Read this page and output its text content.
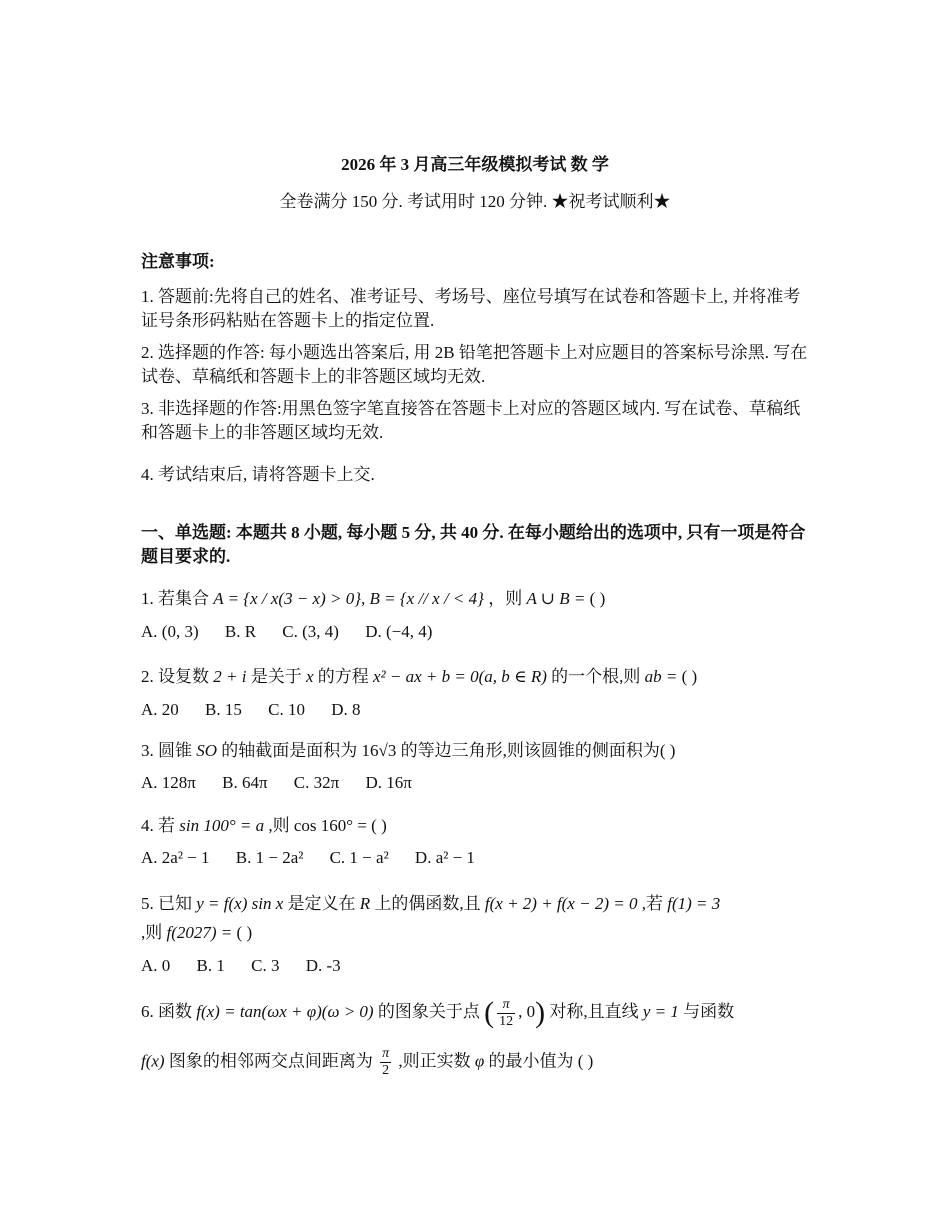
2026 年 3 月高三年级模拟考试 数 学
全卷满分 150 分. 考试用时 120 分钟. ★祝考试顺利★
注意事项:
1. 答题前:先将自己的姓名、准考证号、考场号、座位号填写在试卷和答题卡上, 并将准考证号条形码粘贴在答题卡上的指定位置.
2. 选择题的作答: 每小题选出答案后, 用 2B 铅笔把答题卡上对应题目的答案标号涂黑. 写在试卷、草稿纸和答题卡上的非答题区域均无效.
3. 非选择题的作答:用黑色签字笔直接答在答题卡上对应的答题区域内. 写在试卷、草稿纸和答题卡上的非答题区域均无效.
4. 考试结束后, 请将答题卡上交.
一、单选题: 本题共 8 小题, 每小题 5 分, 共 40 分. 在每小题给出的选项中, 只有一项是符合题目要求的.
1. 若集合 A = {x / x(3 − x) > 0}, B = {x // x / < 4} ，则 A ∪ B = ( )
A. (0, 3) B. R C. (3, 4) D. (−4, 4)
2. 设复数 2 + i 是关于 x 的方程 x² − ax + b = 0(a, b ∈ R) 的一个根,则 ab = ( )
A. 20 B. 15 C. 10 D. 8
3. 圆锥 SO 的轴截面是面积为 16√3 的等边三角形,则该圆锥的侧面积为( )
A. 128π B. 64π C. 32π D. 16π
4. 若 sin 100° = a ,则 cos 160° = ( )
A. 2a² − 1 B. 1 − 2a² C. 1 − a² D. a² − 1
5. 已知 y = f(x) sin x 是定义在 R 上的偶函数,且 f(x + 2) + f(x − 2) = 0 ,若 f(1) = 3
,则 f(2027) = ( )
A. 0 B. 1 C. 3 D. -3
6. 函数 f(x) = tan(ωx + φ)(ω > 0) 的图象关于点 ( $\frac{\pi}{12}$ , 0) 对称,且直线 y = 1 与函数
f(x) 图象的相邻两交点间距离为 $\frac{\pi}{2}$ ,则正实数 φ 的最小值为 ( )
